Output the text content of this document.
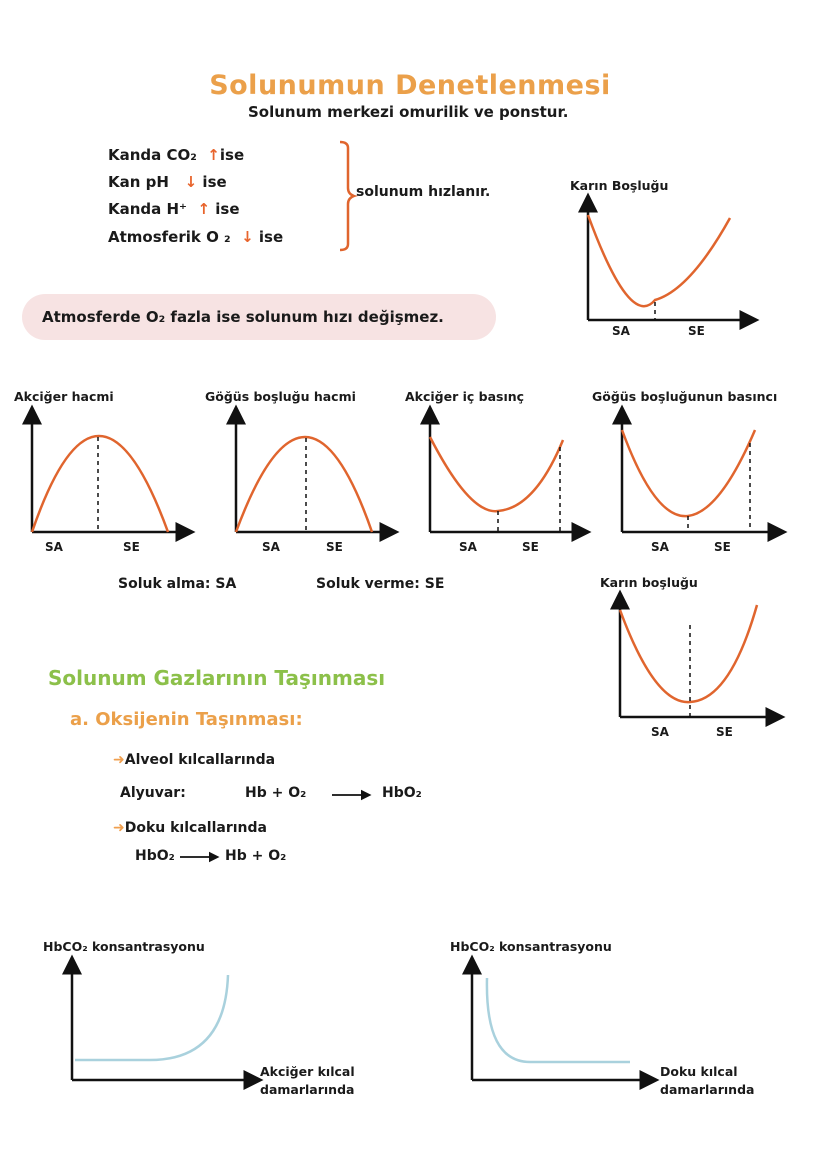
Solunumun Denetlenmesi
Solunum merkezi omurilik ve ponstur.
Kanda CO₂ ↑ise
Kan pH ↓ ise
Kanda H⁺ ↑ ise
Atmosferik O ₂ ↓ ise
solunum hızlanır.
Atmosferde O₂ fazla ise solunum hızı değişmez.
Karın Boşluğu
SA	SE
Akciğer hacmi
SA	SE
Göğüs boşluğu hacmi
SA	SE
Akciğer iç basınç
SA	SE
Göğüs boşluğunun basıncı
SA	SE
Soluk alma: SA	Soluk verme: SE	Karın boşluğu
SA	SE
Solunum Gazlarının Taşınması
a. Oksijenin Taşınması:
➜Alveol kılcallarında
Alyuvar:	Hb + O₂	HbO₂
➜Doku kılcallarında
HbO₂	Hb + O₂
HbCO₂ konsantrasyonu
Akciğer kılcal
damarlarında
HbCO₂ konsantrasyonu
Doku kılcal
damarlarında
